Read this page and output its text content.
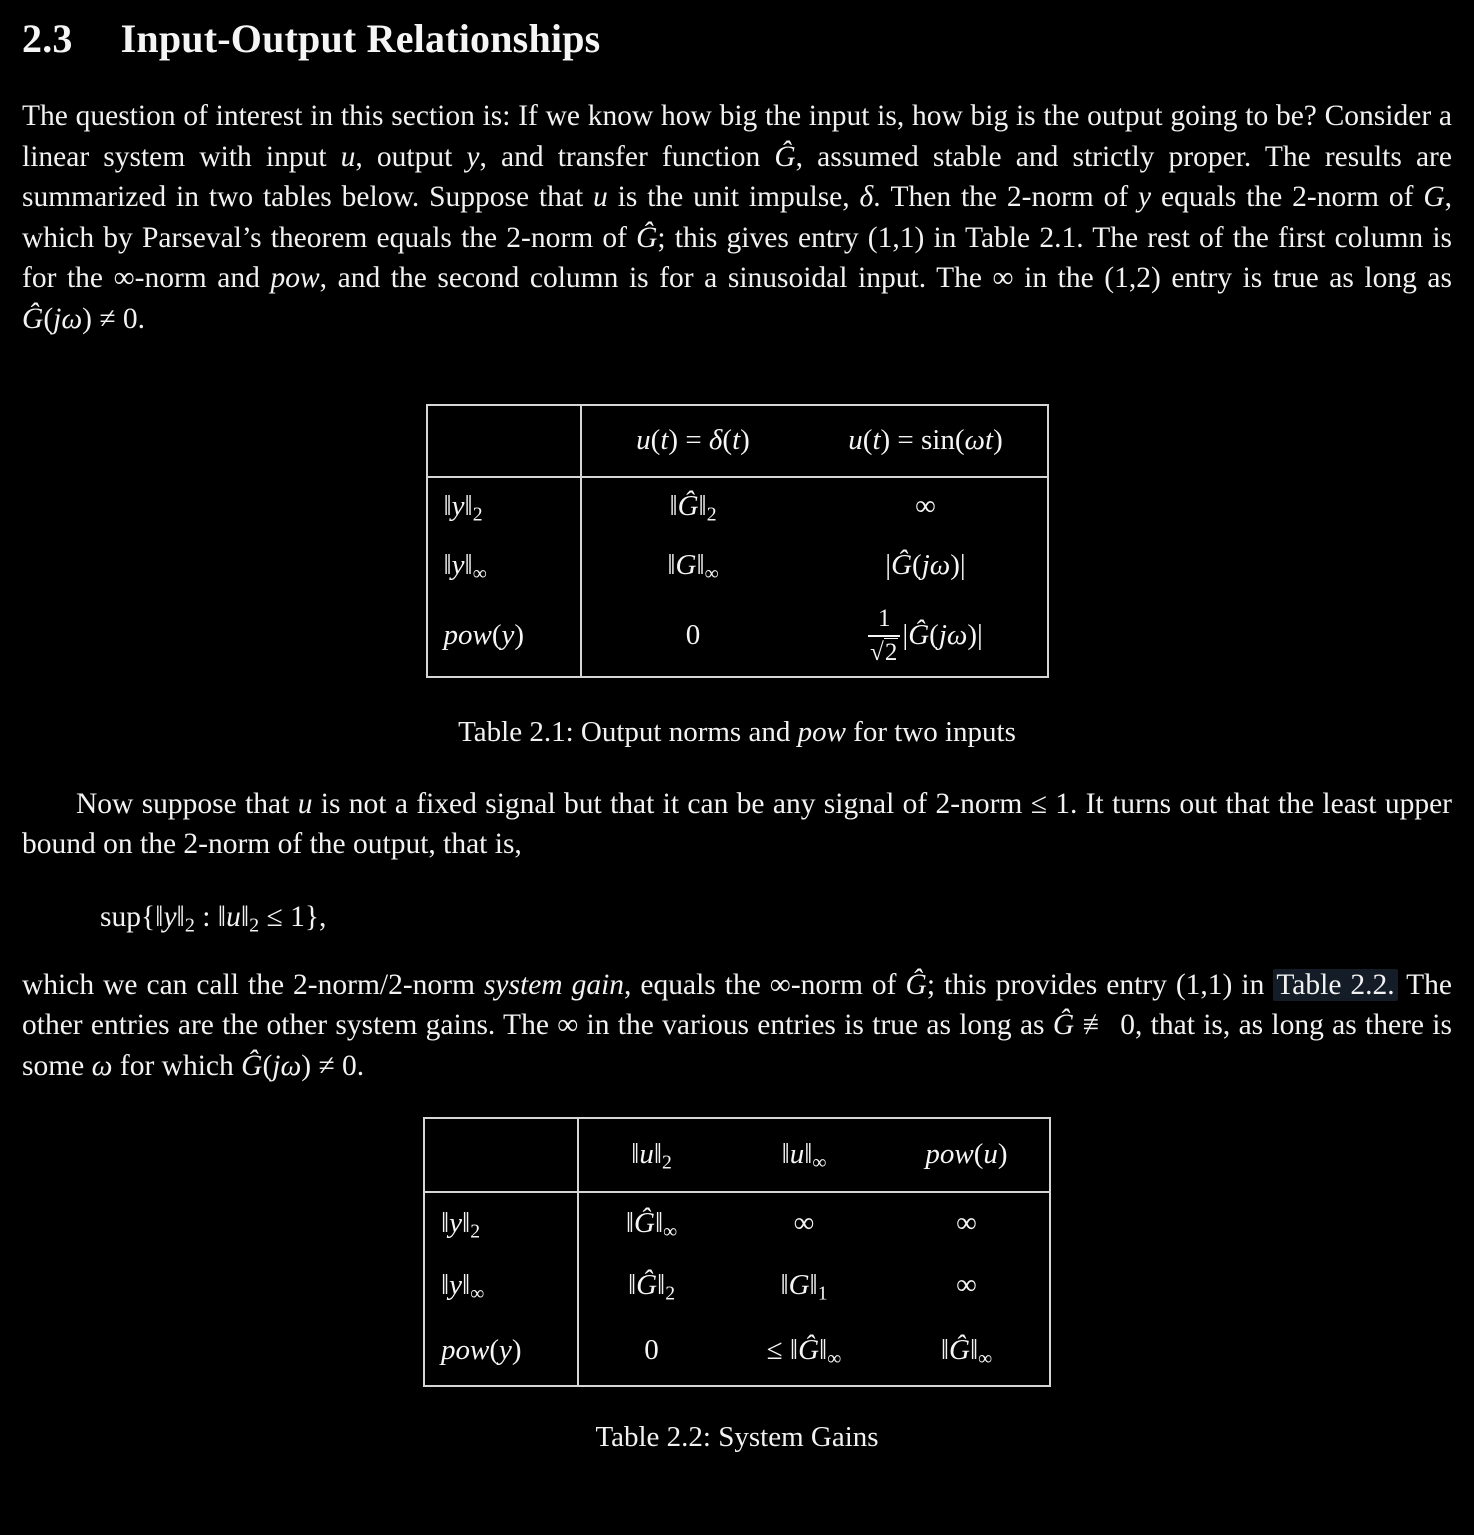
2.3 Input-Output Relationships
The question of interest in this section is: If we know how big the input is, how big is the output going to be? Consider a linear system with input u, output y, and transfer function Ĝ, assumed stable and strictly proper. The results are summarized in two tables below. Suppose that u is the unit impulse, δ. Then the 2-norm of y equals the 2-norm of G, which by Parseval’s theorem equals the 2-norm of Ĝ; this gives entry (1,1) in Table 2.1. The rest of the first column is for the ∞-norm and pow, and the second column is for a sinusoidal input. The ∞ in the (1,2) entry is true as long as Ĝ(jω) ≠ 0.
	u(t) = δ(t)	u(t) = sin(ωt)
$‖y‖_2$	$‖Ĝ‖_2$	∞
$‖y‖_\infty$	$‖G‖_\infty$	|Ĝ(jω)|
pow(y)	0	$\frac{1}{√2}$ |Ĝ(jω)|
Table 2.1: Output norms and pow for two inputs
Now suppose that u is not a fixed signal but that it can be any signal of 2-norm ≤ 1. It turns out that the least upper bound on the 2-norm of the output, that is,
$sup\{‖y‖_2$ : $‖u‖_2 \le 1$},
which we can call the 2-norm/2-norm system gain, equals the ∞-norm of Ĝ; this provides entry (1,1) in Table 2.2. The other entries are the other system gains. The ∞ in the various entries is true as long as Ĝ ≢ 0, that is, as long as there is some ω for which Ĝ(jω) ≠ 0.
	$‖u‖_2$	$‖u‖_\infty$	pow(u)
$‖y‖_2$	$‖Ĝ‖_\infty$	∞	∞
$‖y‖_\infty$	$‖Ĝ‖_2$	$‖G‖_1$	∞
pow(y)	0	≤ $‖Ĝ‖_\infty$	$‖Ĝ‖_\infty$
Table 2.2: System Gains
